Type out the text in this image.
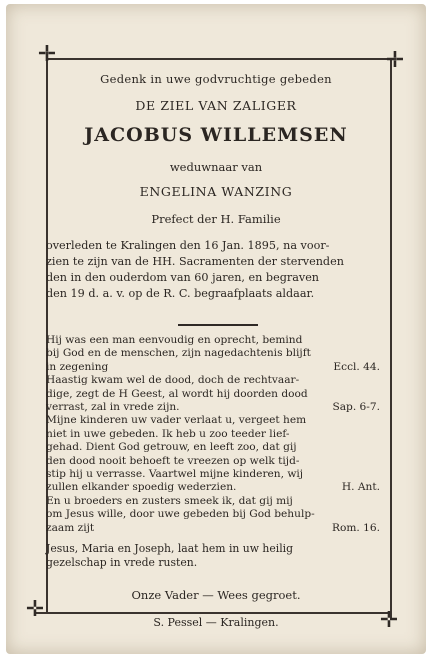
✛	✛
✛	✛
Gedenk in uwe godvruchtige gebeden
DE ZIEL VAN ZALIGER
JACOBUS WILLEMSEN
weduwnaar van
ENGELINA WANZING
Prefect der H. Familie
overleden te Kralingen den 16 Jan. 1895, na voor-
zien te zijn van de HH. Sacramenten der stervenden
den in den ouderdom van 60 jaren, en begraven
den 19 d. a. v. op de R. C. begraafplaats aldaar.
Hij was een man eenvoudig en oprecht, bemind
bij God en de menschen, zijn nagedachtenis blijft
in zegening	Eccl. 44.
Haastig kwam wel de dood, doch de rechtvaar-
dige, zegt de H Geest, al wordt hij doorden dood
verrast, zal in vrede zijn.	Sap. 6-7.
Mijne kinderen uw vader verlaat u, vergeet hem
niet in uwe gebeden. Ik heb u zoo teeder lief-
gehad. Dient God getrouw, en leeft zoo, dat gij
den dood nooit behoeft te vreezen op welk tijd-
stip hij u verrasse. Vaartwel mijne kinderen, wij
zullen elkander spoedig wederzien.	H. Ant.
En u broeders en zusters smeek ik, dat gij mij
om Jesus wille, door uwe gebeden bij God behulp-
zaam zijt	Rom. 16.
Jesus, Maria en Joseph, laat hem in uw heilig
gezelschap in vrede rusten.
Onze Vader — Wees gegroet.
S. Pessel — Kralingen.
